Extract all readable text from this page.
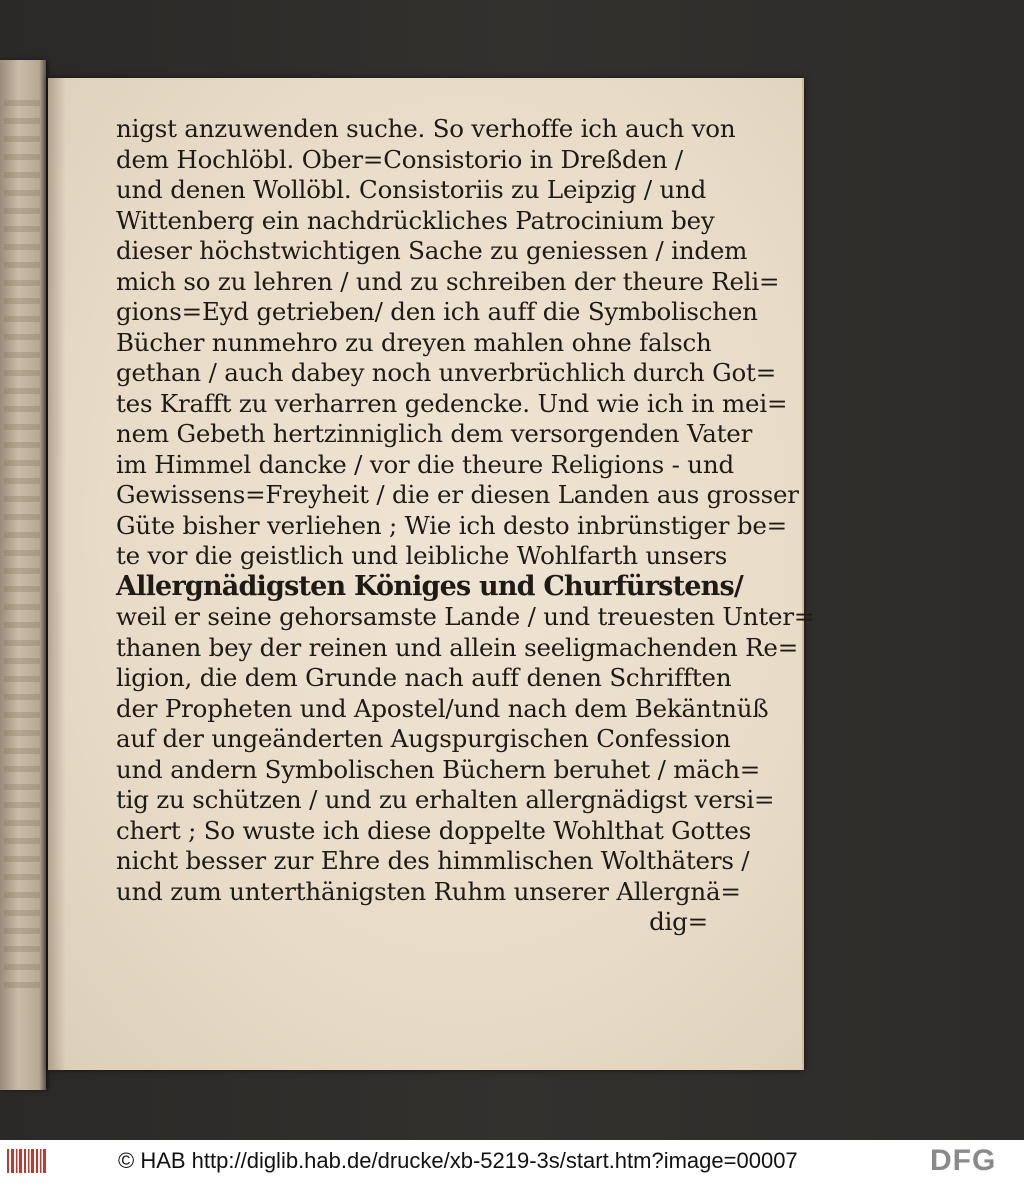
nigst anzuwenden suche. So verhoffe ich auch von
dem Hochlöbl. Ober=Consistorio in Dreßden /
und denen Wollöbl. Consistoriis zu Leipzig / und
Wittenberg ein nachdrückliches Patrocinium bey
dieser höchstwichtigen Sache zu geniessen / indem
mich so zu lehren / und zu schreiben der theure Reli=
gions=Eyd getrieben/ den ich auff die Symbolischen
Bücher nunmehro zu dreyen mahlen ohne falsch
gethan / auch dabey noch unverbrüchlich durch Got=
tes Krafft zu verharren gedencke. Und wie ich in mei=
nem Gebeth hertzinniglich dem versorgenden Vater
im Himmel dancke / vor die theure Religions - und
Gewissens=Freyheit / die er diesen Landen aus grosser
Güte bisher verliehen ; Wie ich desto inbrünstiger be=
te vor die geistlich und leibliche Wohlfarth unsers
Allergnädigsten Königes und Churfürstens/
weil er seine gehorsamste Lande / und treuesten Unter=
thanen bey der reinen und allein seeligmachenden Re=
ligion, die dem Grunde nach auff denen Schrifften
der Propheten und Apostel/und nach dem Bekäntnüß
auf der ungeänderten Augspurgischen Confession
und andern Symbolischen Büchern beruhet / mäch=
tig zu schützen / und zu erhalten allergnädigst versi=
chert ; So wuste ich diese doppelte Wohlthat Gottes
nicht besser zur Ehre des himmlischen Wolthäters /
und zum unterthänigsten Ruhm unserer Allergnä=
dig=
© HAB http://diglib.hab.de/drucke/xb-5219-3s/start.htm?image=00007	DFG
